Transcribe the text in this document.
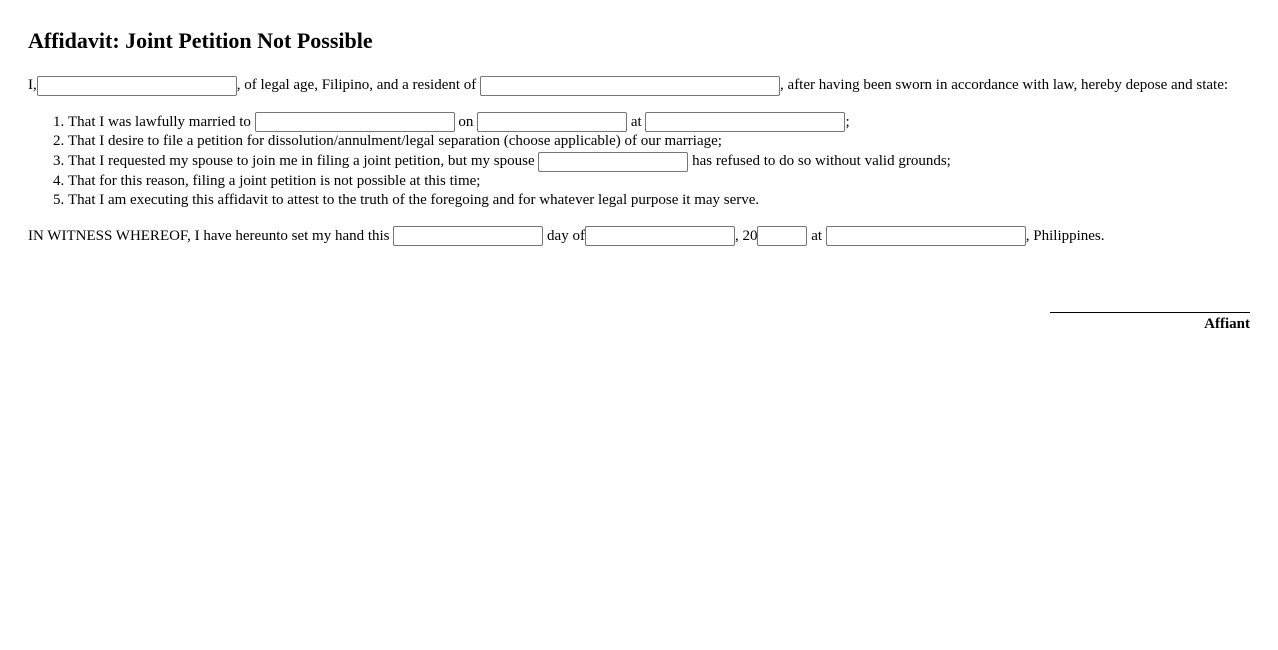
Affidavit: Joint Petition Not Possible
I,	, of legal age, Filipino, and a resident of	, after having been sworn in accordance with law, hereby depose and state:
1. That I was lawfully married to	on	at	;
2. That I desire to file a petition for dissolution/annulment/legal separation (choose applicable) of our marriage;
3. That I requested my spouse to join me in filing a joint petition, but my spouse	has refused to do so without valid grounds;
4. That for this reason, filing a joint petition is not possible at this time;
5. That I am executing this affidavit to attest to the truth of the foregoing and for whatever legal purpose it may serve.
IN WITNESS WHEREOF, I have hereunto set my hand this	day of	, 20	at	, Philippines.
Affiant
